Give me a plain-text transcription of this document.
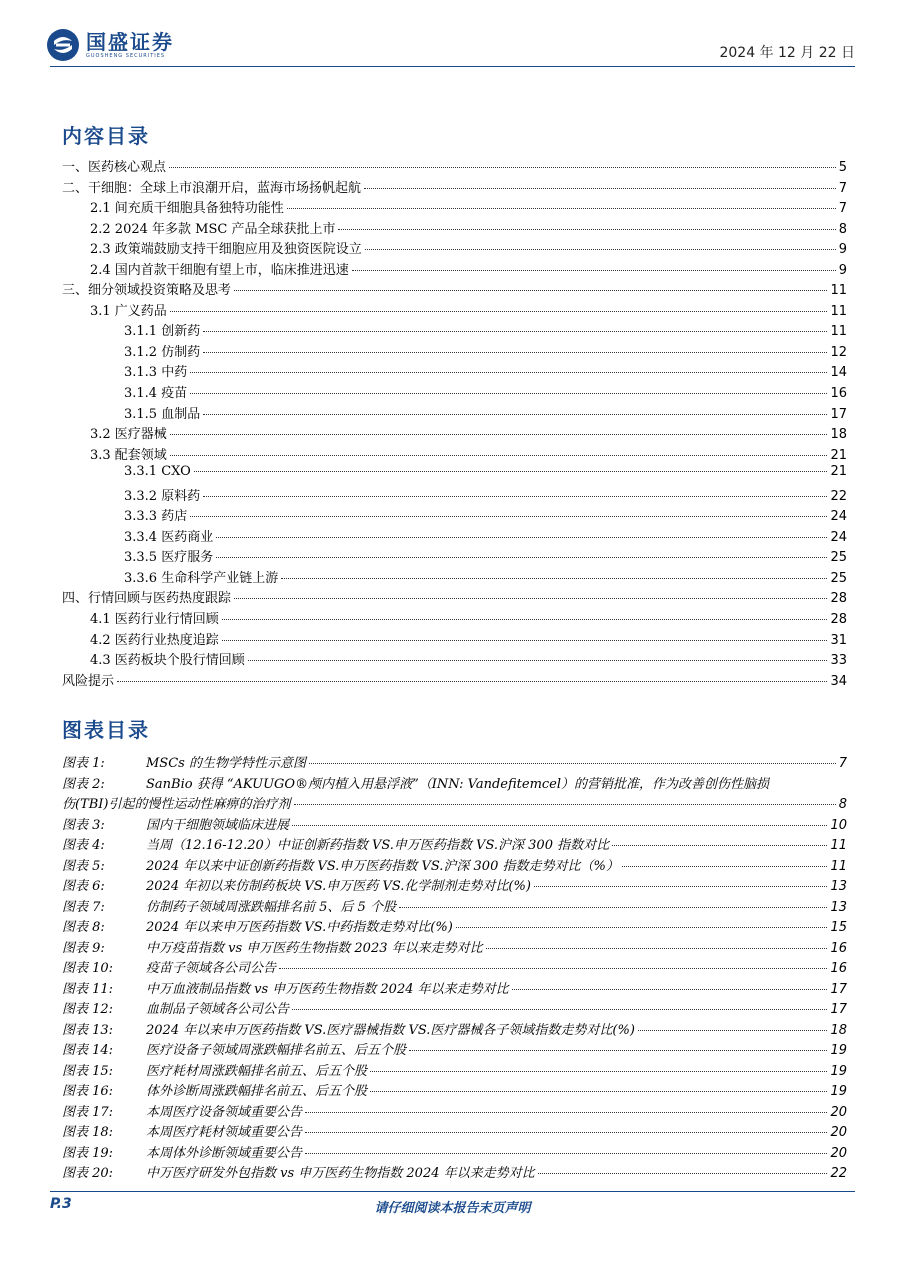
国盛证券
GUOSHENG SECURITIES	2024 年 12 月 22 日
内容目录
一、医药核心观点	5
二、干细胞：全球上市浪潮开启，蓝海市场扬帆起航	7
2.1 间充质干细胞具备独特功能性	7
2.2 2024 年多款 MSC 产品全球获批上市	8
2.3 政策端鼓励支持干细胞应用及独资医院设立	9
2.4 国内首款干细胞有望上市，临床推进迅速	9
三、细分领域投资策略及思考	11
3.1 广义药品	11
3.1.1 创新药	11
3.1.2 仿制药	12
3.1.3 中药	14
3.1.4 疫苗	16
3.1.5 血制品	17
3.2 医疗器械	18
3.3 配套领域	21
3.3.1 CXO	21
3.3.2 原料药	22
3.3.3 药店	24
3.3.4 医药商业	24
3.3.5 医疗服务	25
3.3.6 生命科学产业链上游	25
四、行情回顾与医药热度跟踪	28
4.1 医药行业行情回顾	28
4.2 医药行业热度追踪	31
4.3 医药板块个股行情回顾	33
风险提示	34
图表目录
图表 1:	MSCs 的生物学特性示意图	7
图表 2:	SanBio 获得 “AKUUGO®颅内植入用悬浮液”（INN: Vandefitemcel）的营销批准，作为改善创伤性脑损
伤(TBI)引起的慢性运动性麻痹的治疗剂	8
图表 3:	国内干细胞领域临床进展	10
图表 4:	当周（12.16-12.20）中证创新药指数 VS.申万医药指数 VS.沪深 300 指数对比	11
图表 5:	2024 年以来中证创新药指数 VS.申万医药指数 VS.沪深 300 指数走势对比（%）	11
图表 6:	2024 年初以来仿制药板块 VS.申万医药 VS.化学制剂走势对比(%)	13
图表 7:	仿制药子领域周涨跌幅排名前 5、后 5 个股	13
图表 8:	2024 年以来申万医药指数 VS.中药指数走势对比(%)	15
图表 9:	中万疫苗指数 vs 申万医药生物指数 2023 年以来走势对比	16
图表 10:	疫苗子领域各公司公告	16
图表 11:	中万血液制品指数 vs 申万医药生物指数 2024 年以来走势对比	17
图表 12:	血制品子领域各公司公告	17
图表 13:	2024 年以来申万医药指数 VS.医疗器械指数 VS.医疗器械各子领域指数走势对比(%)	18
图表 14:	医疗设备子领域周涨跌幅排名前五、后五个股	19
图表 15:	医疗耗材周涨跌幅排名前五、后五个股	19
图表 16:	体外诊断周涨跌幅排名前五、后五个股	19
图表 17:	本周医疗设备领域重要公告	20
图表 18:	本周医疗耗材领域重要公告	20
图表 19:	本周体外诊断领域重要公告	20
图表 20:	中万医疗研发外包指数 vs 申万医药生物指数 2024 年以来走势对比	22
P.3	请仔细阅读本报告末页声明
